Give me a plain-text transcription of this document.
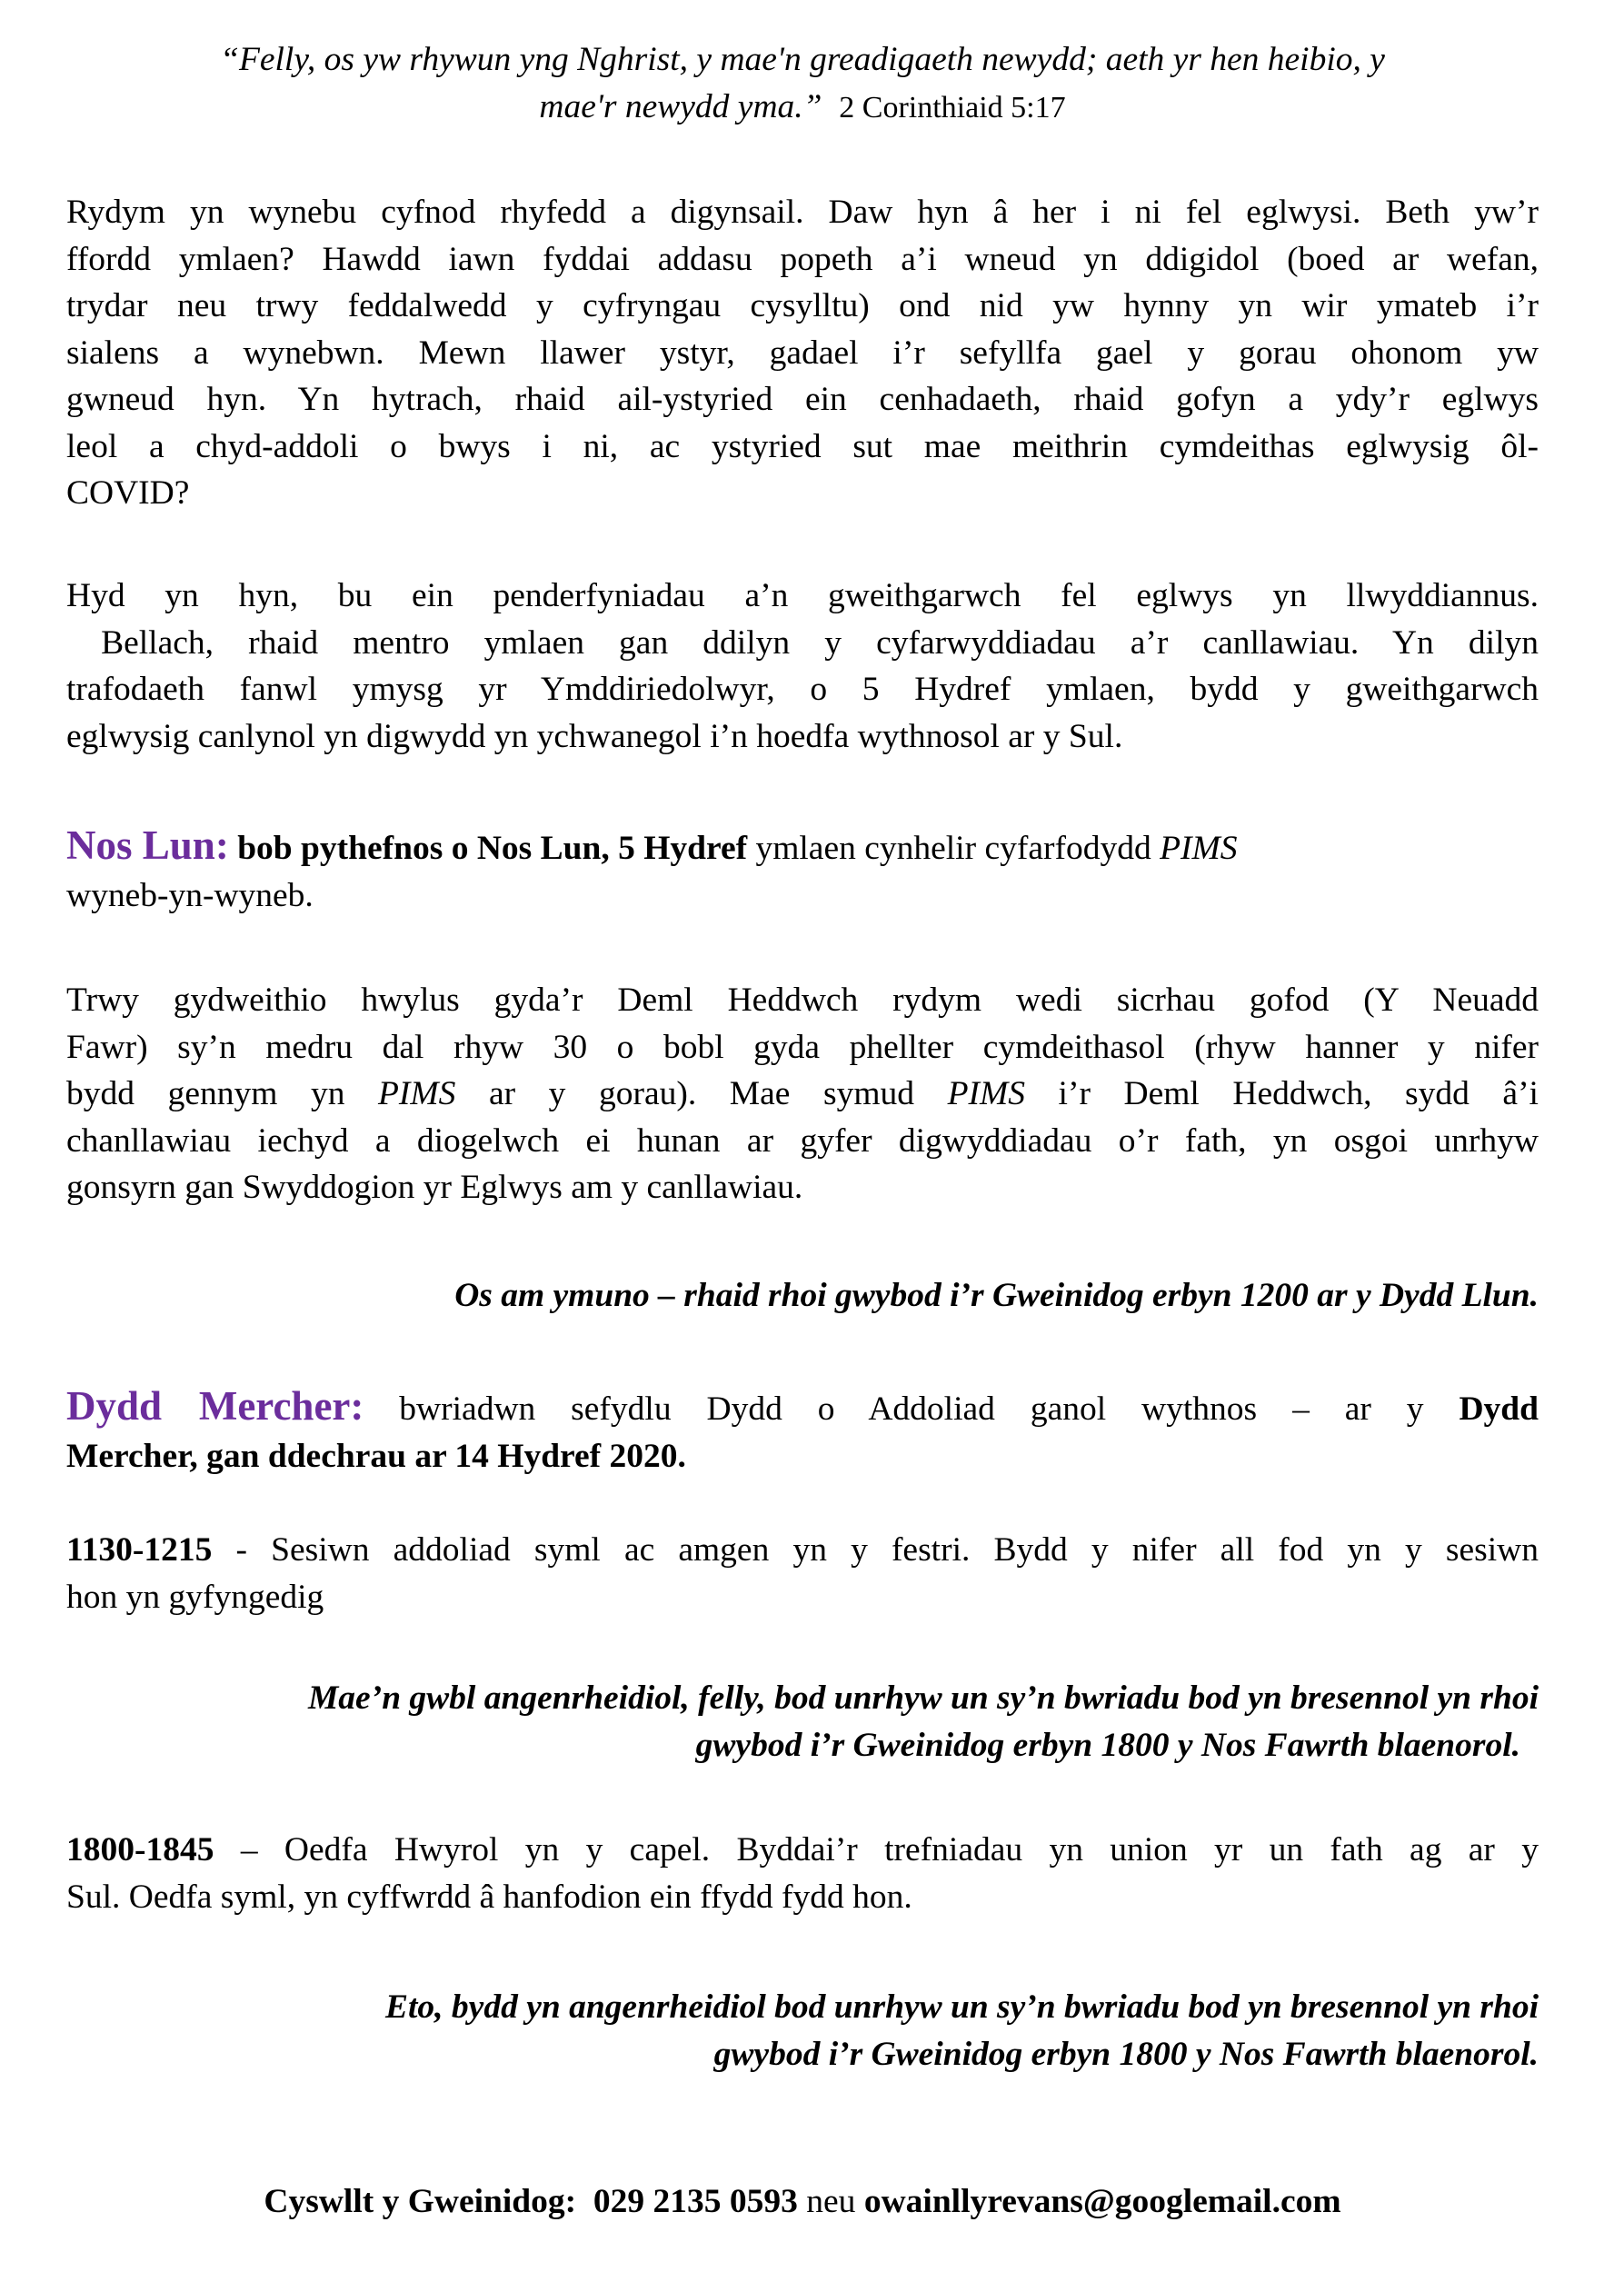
“Felly, os yw rhywun yng Nghrist, y mae'n greadigaeth newydd; aeth yr hen heibio, y
mae'r newydd yma.” 2 Corinthiaid 5:17
Rydym yn wynebu cyfnod rhyfedd a digynsail. Daw hyn â her i ni fel eglwysi. Beth yw’r
ffordd ymlaen? Hawdd iawn fyddai addasu popeth a’i wneud yn ddigidol (boed ar wefan,
trydar neu trwy feddalwedd y cyfryngau cysylltu) ond nid yw hynny yn wir ymateb i’r
sialens a wynebwn. Mewn llawer ystyr, gadael i’r sefyllfa gael y gorau ohonom yw
gwneud hyn. Yn hytrach, rhaid ail-ystyried ein cenhadaeth, rhaid gofyn a ydy’r eglwys
leol a chyd-addoli o bwys i ni, ac ystyried sut mae meithrin cymdeithas eglwysig ôl-
COVID?
Hyd yn hyn, bu ein penderfyniadau a’n gweithgarwch fel eglwys yn llwyddiannus.
Bellach, rhaid mentro ymlaen gan ddilyn y cyfarwyddiadau a’r canllawiau. Yn dilyn
trafodaeth fanwl ymysg yr Ymddiriedolwyr, o 5 Hydref ymlaen, bydd y gweithgarwch
eglwysig canlynol yn digwydd yn ychwanegol i’n hoedfa wythnosol ar y Sul.
Nos Lun: bob pythefnos o Nos Lun, 5 Hydref ymlaen cynhelir cyfarfodydd PIMS
wyneb-yn-wyneb.
Trwy gydweithio hwylus gyda’r Deml Heddwch rydym wedi sicrhau gofod (Y Neuadd
Fawr) sy’n medru dal rhyw 30 o bobl gyda phellter cymdeithasol (rhyw hanner y nifer
bydd gennym yn PIMS ar y gorau). Mae symud PIMS i’r Deml Heddwch, sydd â’i
chanllawiau iechyd a diogelwch ei hunan ar gyfer digwyddiadau o’r fath, yn osgoi unrhyw
gonsyrn gan Swyddogion yr Eglwys am y canllawiau.
Os am ymuno – rhaid rhoi gwybod i’r Gweinidog erbyn 1200 ar y Dydd Llun.
Dydd Mercher: bwriadwn sefydlu Dydd o Addoliad ganol wythnos – ar y Dydd
Mercher, gan ddechrau ar 14 Hydref 2020.
1130-1215 - Sesiwn addoliad syml ac amgen yn y festri. Bydd y nifer all fod yn y sesiwn
hon yn gyfyngedig
Mae’n gwbl angenrheidiol, felly, bod unrhyw un sy’n bwriadu bod yn bresennol yn rhoi
gwybod i’r Gweinidog erbyn 1800 y Nos Fawrth blaenorol.
1800-1845 – Oedfa Hwyrol yn y capel. Byddai’r trefniadau yn union yr un fath ag ar y
Sul. Oedfa syml, yn cyffwrdd â hanfodion ein ffydd fydd hon.
Eto, bydd yn angenrheidiol bod unrhyw un sy’n bwriadu bod yn bresennol yn rhoi
gwybod i’r Gweinidog erbyn 1800 y Nos Fawrth blaenorol.
Cyswllt y Gweinidog: 029 2135 0593 neu owainllyrevans@googlemail.com
